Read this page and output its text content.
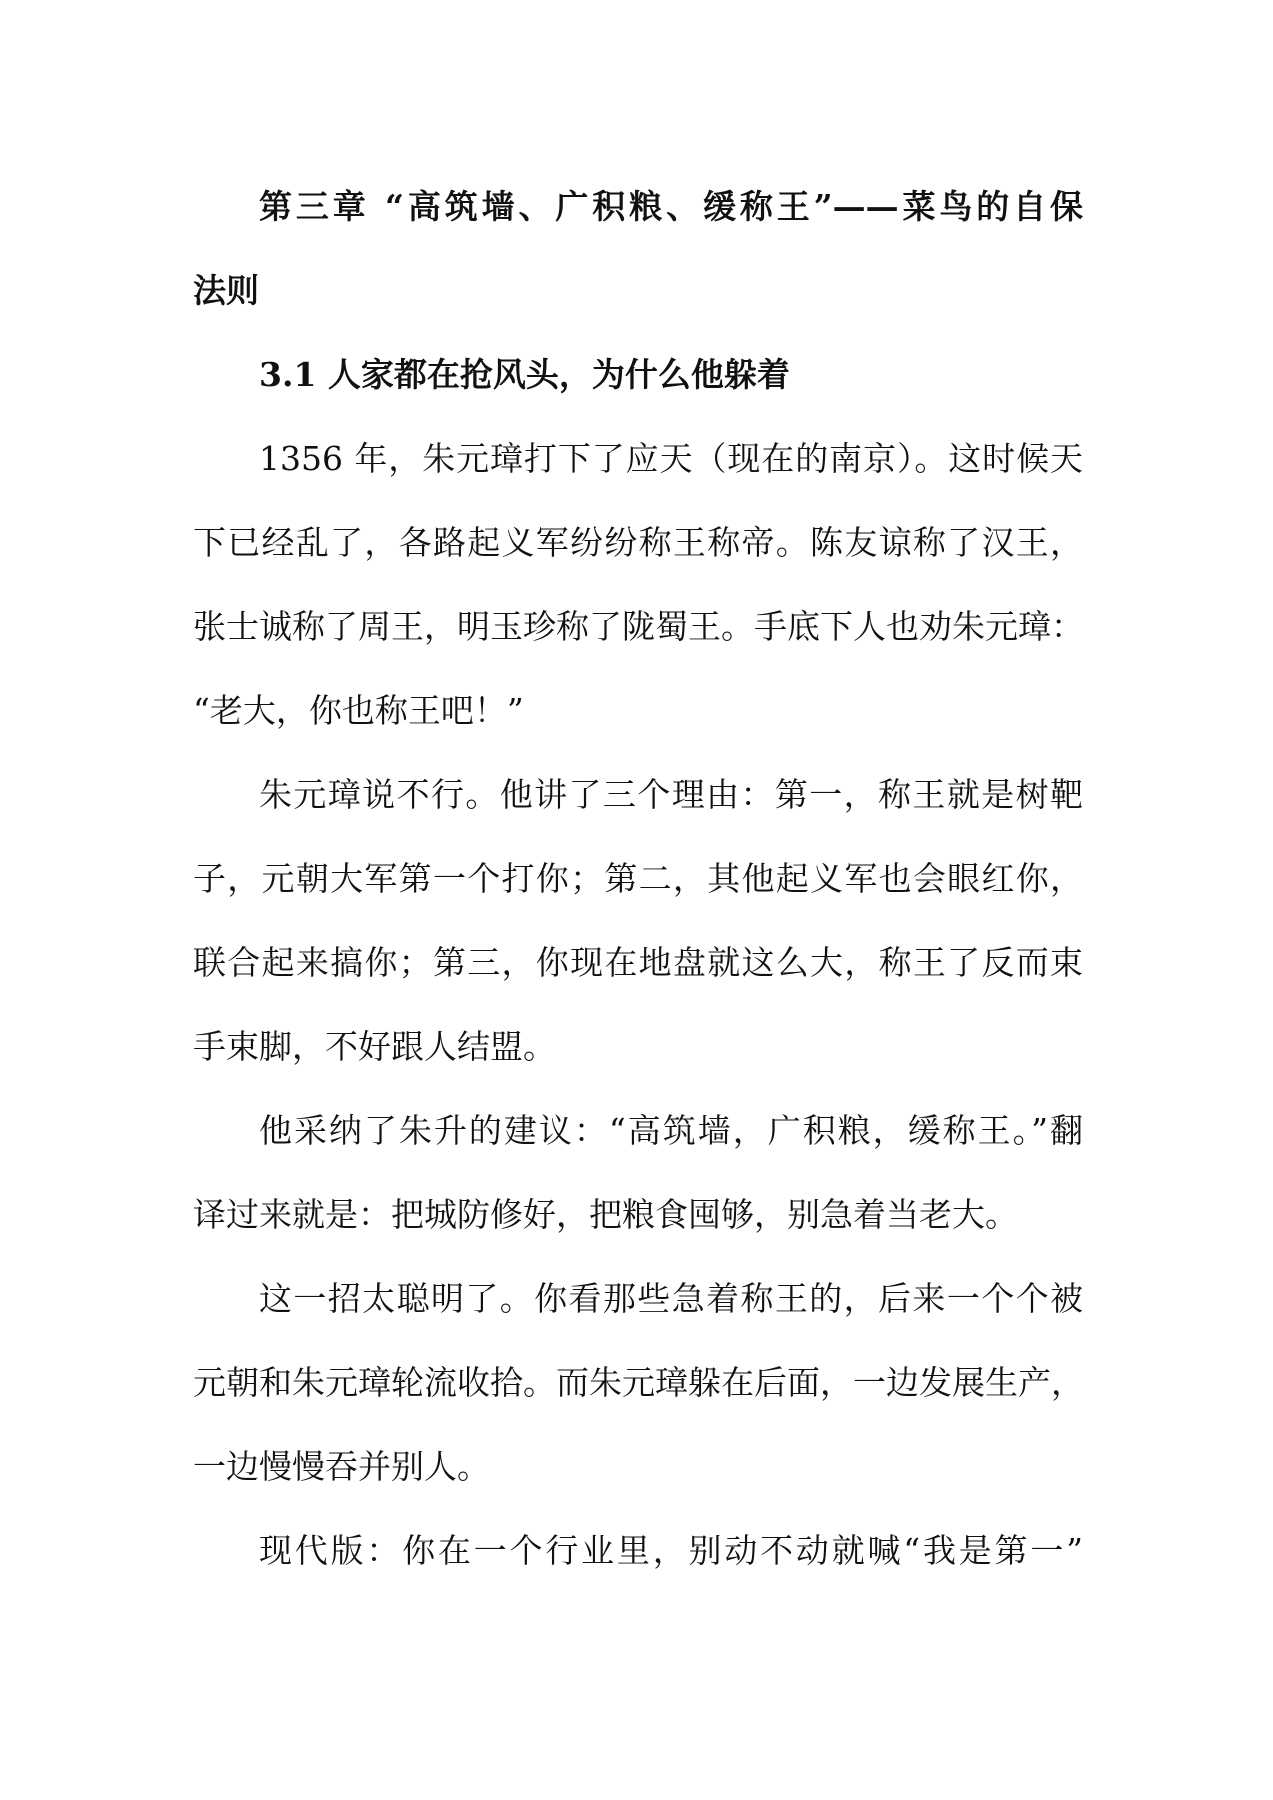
第三章 “高筑墙、广积粮、缓称王”——菜鸟的自保

法则

3.1 人家都在抢风头，为什么他躲着

1356 年，朱元璋打下了应天（现在的南京）。这时候天

下已经乱了，各路起义军纷纷称王称帝。陈友谅称了汉王，

张士诚称了周王，明玉珍称了陇蜀王。手底下人也劝朱元璋：

“老大，你也称王吧！”

朱元璋说不行。他讲了三个理由：第一，称王就是树靶

子，元朝大军第一个打你；第二，其他起义军也会眼红你，

联合起来搞你；第三，你现在地盘就这么大，称王了反而束

手束脚，不好跟人结盟。

他采纳了朱升的建议：“高筑墙，广积粮，缓称王。”翻

译过来就是：把城防修好，把粮食囤够，别急着当老大。

这一招太聪明了。你看那些急着称王的，后来一个个被

元朝和朱元璋轮流收拾。而朱元璋躲在后面，一边发展生产，

一边慢慢吞并别人。

现代版：你在一个行业里，别动不动就喊“我是第一”
